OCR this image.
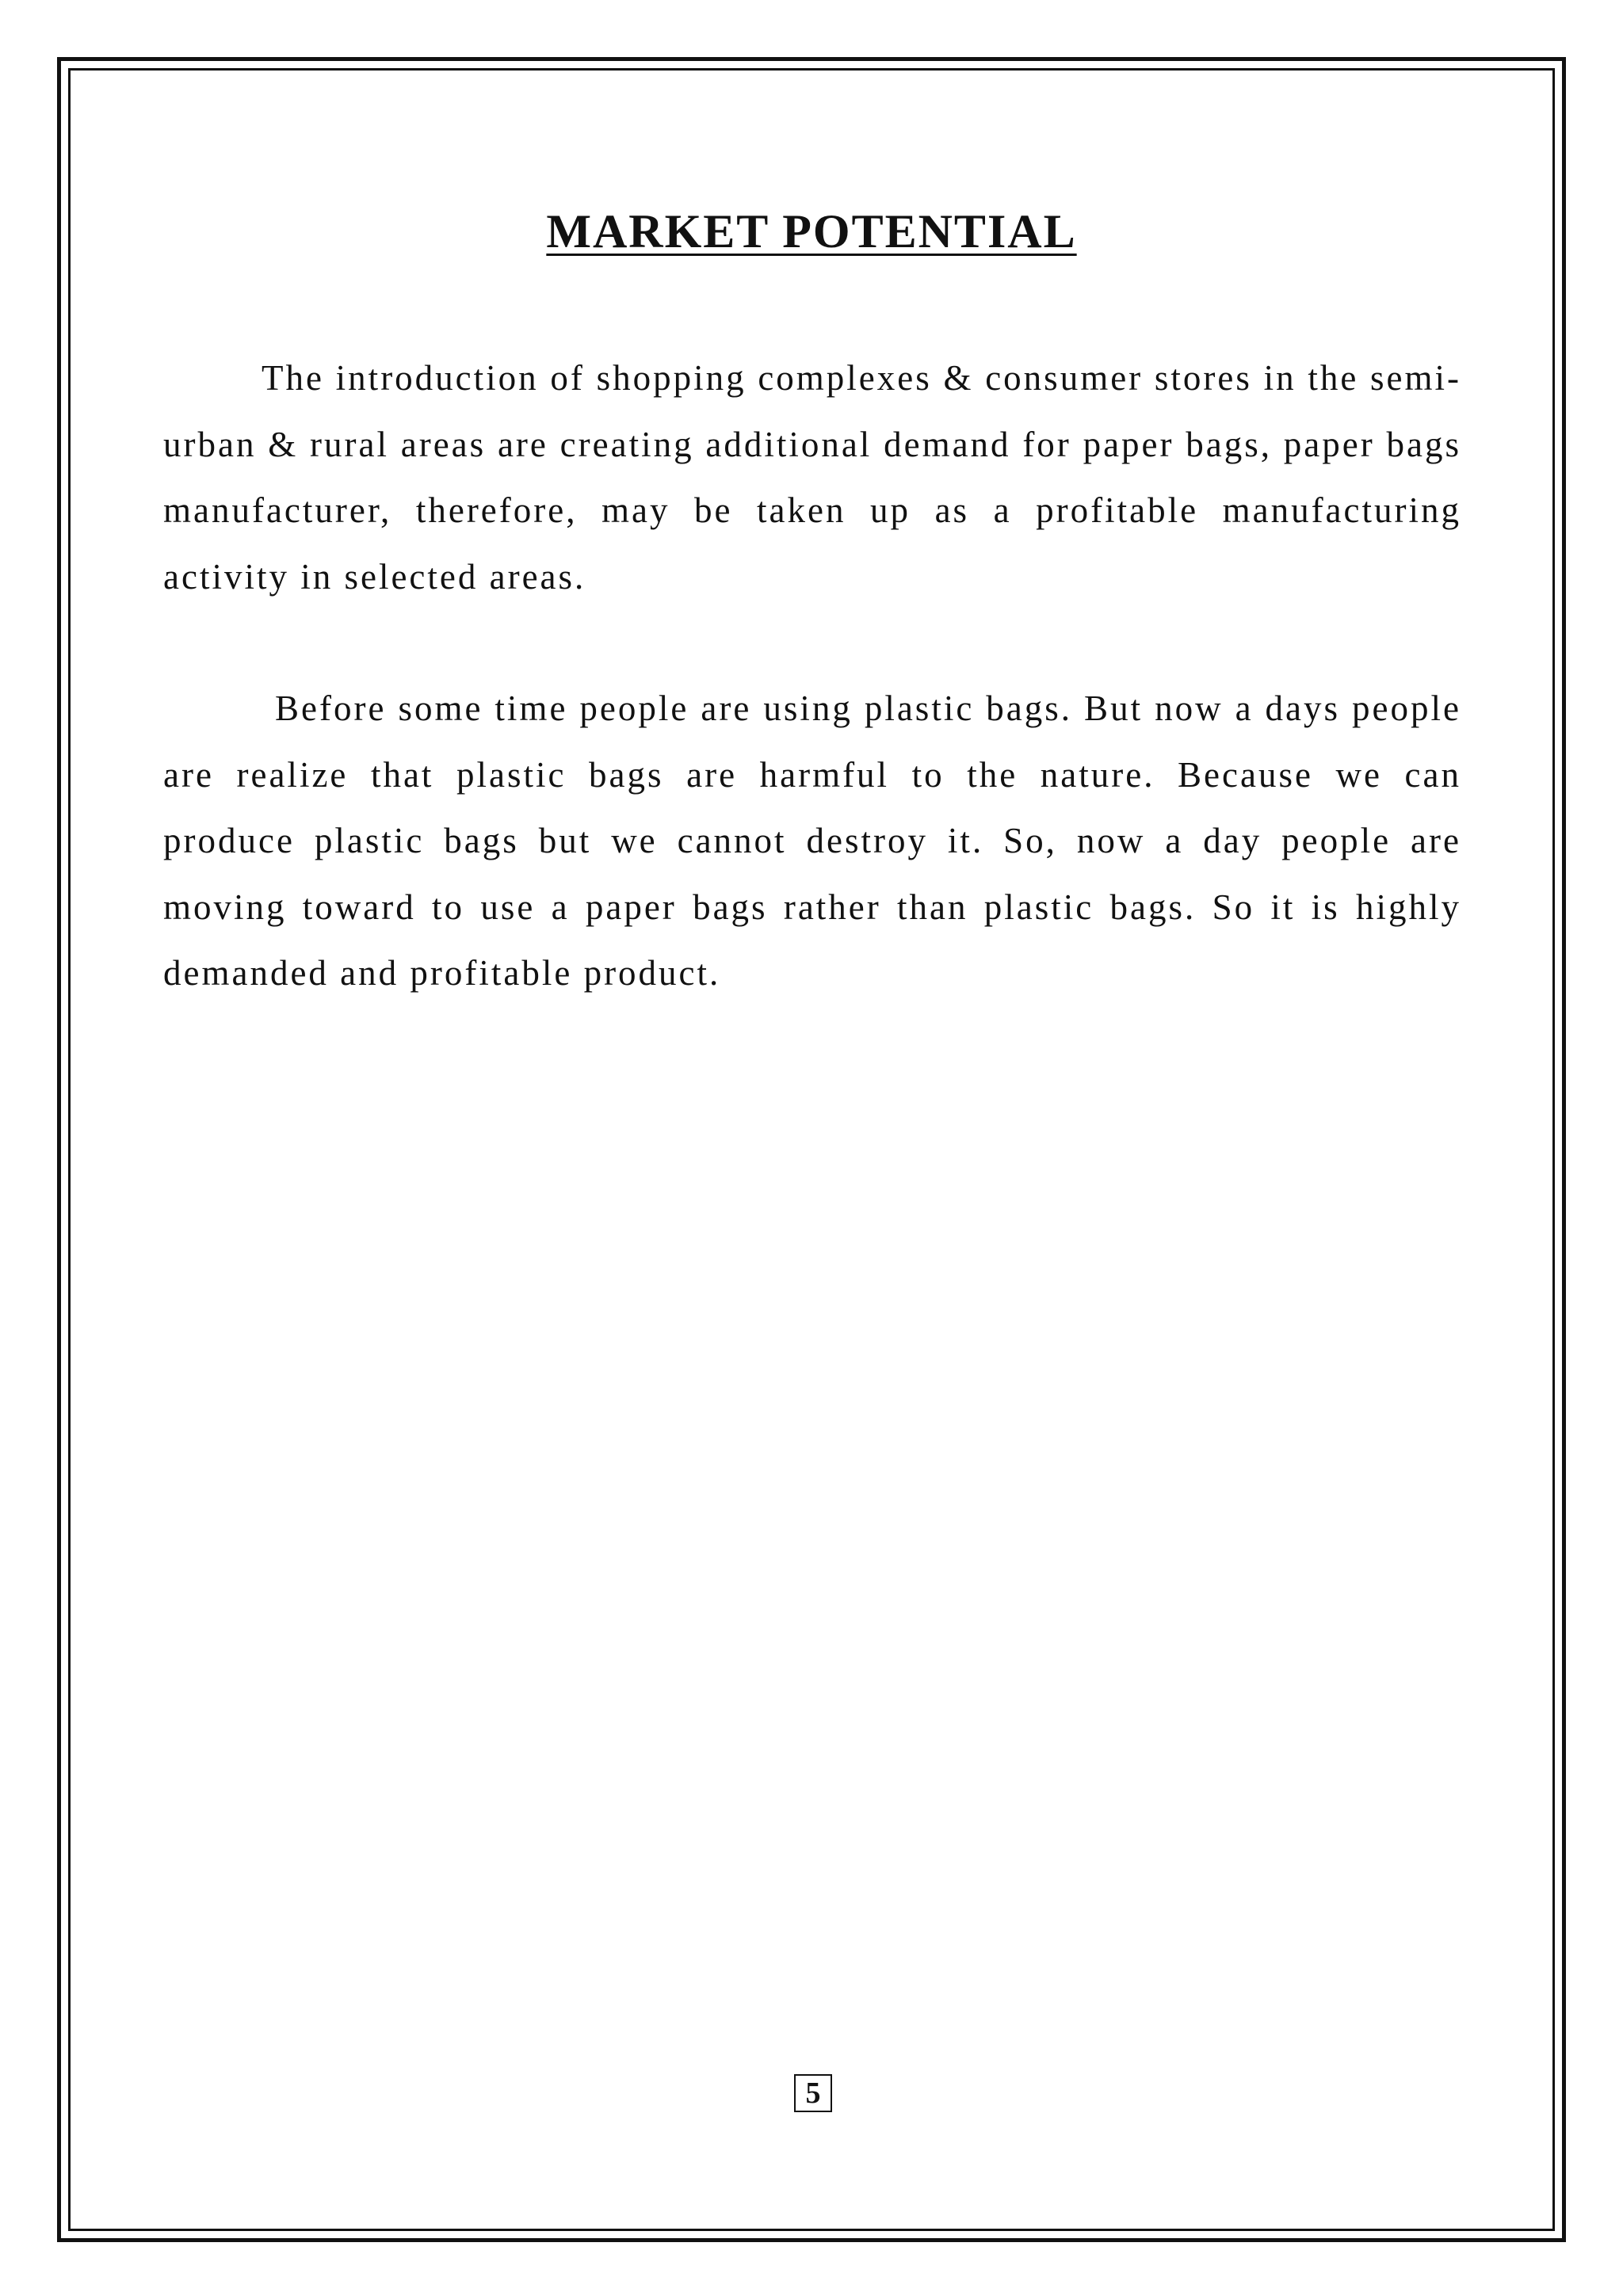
MARKET POTENTIAL

The introduction of shopping complexes & consumer stores in the semi-urban & rural areas are creating additional demand for paper bags, paper bags manufacturer, therefore, may be taken up as a profitable manufacturing activity in selected areas.

Before some time people are using plastic bags. But now a days people are realize that plastic bags are harmful to the nature. Because we can produce plastic bags but we cannot destroy it. So, now a day people are moving toward to use a paper bags rather than plastic bags. So it is highly demanded and profitable product.

5
